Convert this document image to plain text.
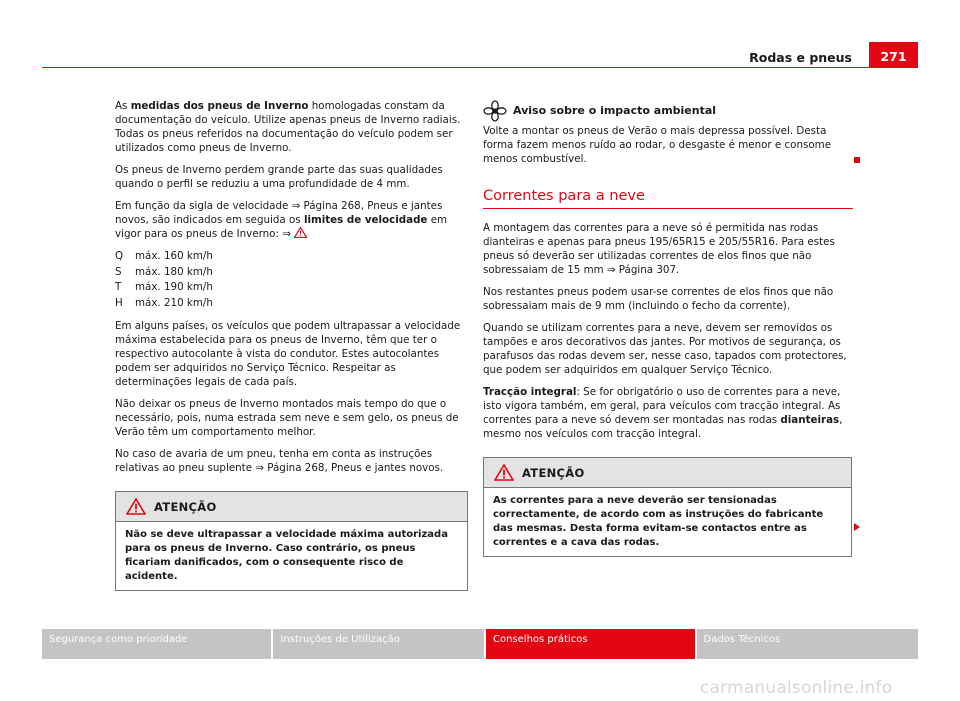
Rodas e pneus	271

As medidas dos pneus de Inverno homologadas constam da documentação do veículo. Utilize apenas pneus de Inverno radiais. Todas os pneus referidos na documentação do veículo podem ser utilizados como pneus de Inverno.

Os pneus de Inverno perdem grande parte das suas qualidades quando o perfil se reduziu a uma profundidade de 4 mm.

Em função da sigla de velocidade ⇒ Página 268, Pneus e jantes novos, são indicados em seguida os limites de velocidade em vigor para os pneus de Inverno: ⇒

Q	máx. 160 km/h
S	máx. 180 km/h
T	máx. 190 km/h
H	máx. 210 km/h

Em alguns países, os veículos que podem ultrapassar a velocidade máxima estabelecida para os pneus de Inverno, têm que ter o respectivo autocolante à vista do condutor. Estes autocolantes podem ser adquiridos no Serviço Técnico. Respeitar as determinações legais de cada país.

Não deixar os pneus de Inverno montados mais tempo do que o necessário, pois, numa estrada sem neve e sem gelo, os pneus de Verão têm um comportamento melhor.

No caso de avaria de um pneu, tenha em conta as instruções relativas ao pneu suplente ⇒ Página 268, Pneus e jantes novos.

ATENÇÃO
Não se deve ultrapassar a velocidade máxima autorizada para os pneus de Inverno. Caso contrário, os pneus ficariam danificados, com o consequente risco de acidente.
Aviso sobre o impacto ambiental

Volte a montar os pneus de Verão o mais depressa possível. Desta forma fazem menos ruído ao rodar, o desgaste é menor e consome menos combustível.

Correntes para a neve

A montagem das correntes para a neve só é permitida nas rodas dianteiras e apenas para pneus 195/65R15 e 205/55R16. Para estes pneus só deverão ser utilizadas correntes de elos finos que não sobressaiam de 15 mm ⇒ Página 307.

Nos restantes pneus podem usar-se correntes de elos finos que não sobressaiam mais de 9 mm (incluindo o fecho da corrente).

Quando se utilizam correntes para a neve, devem ser removidos os tampões e aros decorativos das jantes. Por motivos de segurança, os parafusos das rodas devem ser, nesse caso, tapados com protectores, que podem ser adquiridos em qualquer Serviço Técnico.

Tracção integral: Se for obrigatório o uso de correntes para a neve, isto vigora também, em geral, para veículos com tracção integral. As correntes para a neve só devem ser montadas nas rodas dianteiras, mesmo nos veículos com tracção integral.

ATENÇÃO
As correntes para a neve deverão ser tensionadas correctamente, de acordo com as instruções do fabricante das mesmas. Desta forma evitam-se contactos entre as correntes e a cava das rodas.
Segurança como prioridade	Instruções de Utilização	Conselhos práticos	Dados Técnicos
carmanualsonline.info
